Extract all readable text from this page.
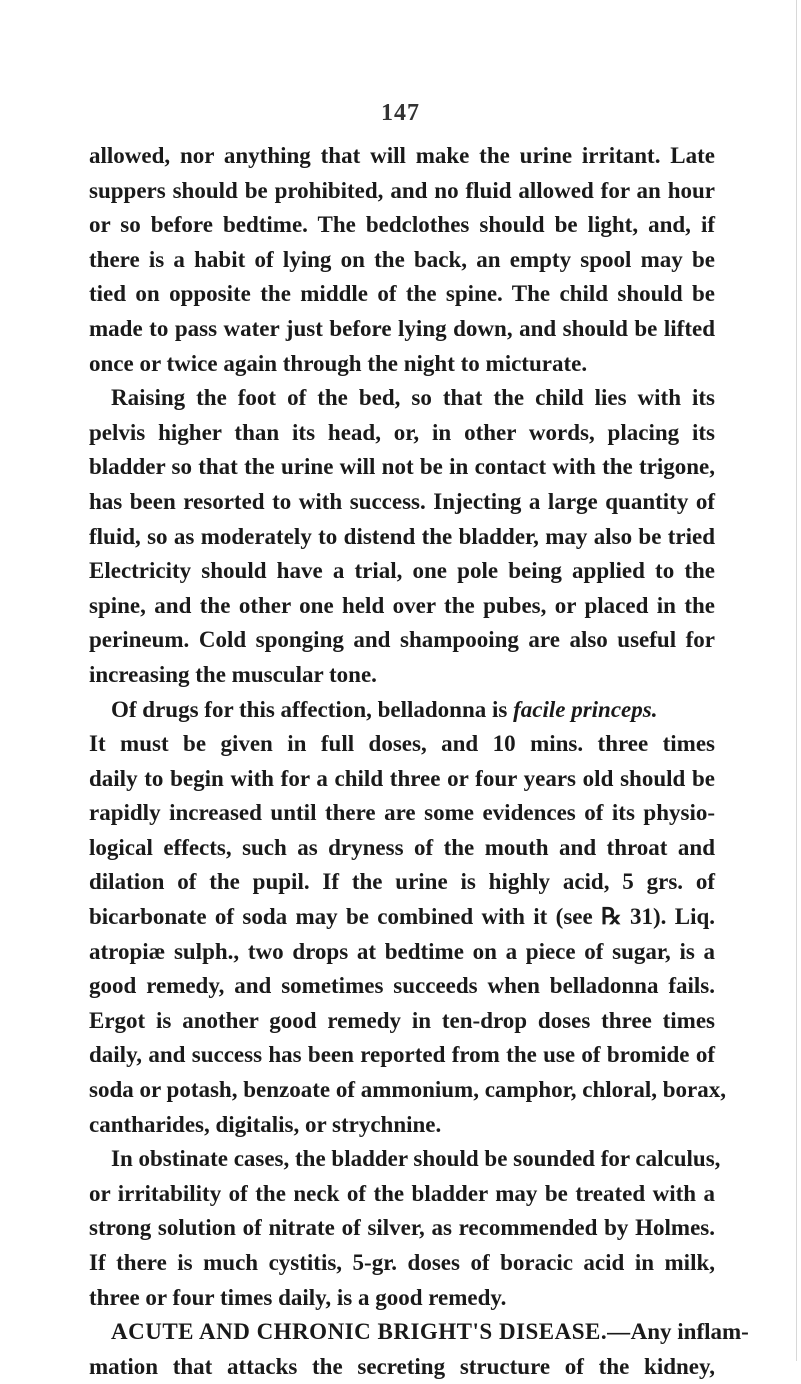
147
allowed, nor anything that will make the urine irritant. Late
suppers should be prohibited, and no fluid allowed for an hour
or so before bedtime. The bedclothes should be light, and, if
there is a habit of lying on the back, an empty spool may be
tied on opposite the middle of the spine. The child should be
made to pass water just before lying down, and should be lifted
once or twice again through the night to micturate.
Raising the foot of the bed, so that the child lies with its
pelvis higher than its head, or, in other words, placing its
bladder so that the urine will not be in contact with the trigone,
has been resorted to with success. Injecting a large quantity of
fluid, so as moderately to distend the bladder, may also be tried
Electricity should have a trial, one pole being applied to the
spine, and the other one held over the pubes, or placed in the
perineum. Cold sponging and shampooing are also useful for
increasing the muscular tone.
Of drugs for this affection, belladonna is facile princeps.
It must be given in full doses, and 10 mins. three times
daily to begin with for a child three or four years old should be
rapidly increased until there are some evidences of its physio-
logical effects, such as dryness of the mouth and throat and
dilation of the pupil. If the urine is highly acid, 5 grs. of
bicarbonate of soda may be combined with it (see ℞ 31). Liq.
atropiæ sulph., two drops at bedtime on a piece of sugar, is a
good remedy, and sometimes succeeds when belladonna fails.
Ergot is another good remedy in ten-drop doses three times
daily, and success has been reported from the use of bromide of
soda or potash, benzoate of ammonium, camphor, chloral, borax,
cantharides, digitalis, or strychnine.
In obstinate cases, the bladder should be sounded for calculus,
or irritability of the neck of the bladder may be treated with a
strong solution of nitrate of silver, as recommended by Holmes.
If there is much cystitis, 5-gr. doses of boracic acid in milk,
three or four times daily, is a good remedy.
ACUTE AND CHRONIC BRIGHT'S DISEASE.—Any inflam-
mation that attacks the secreting structure of the kidney,
